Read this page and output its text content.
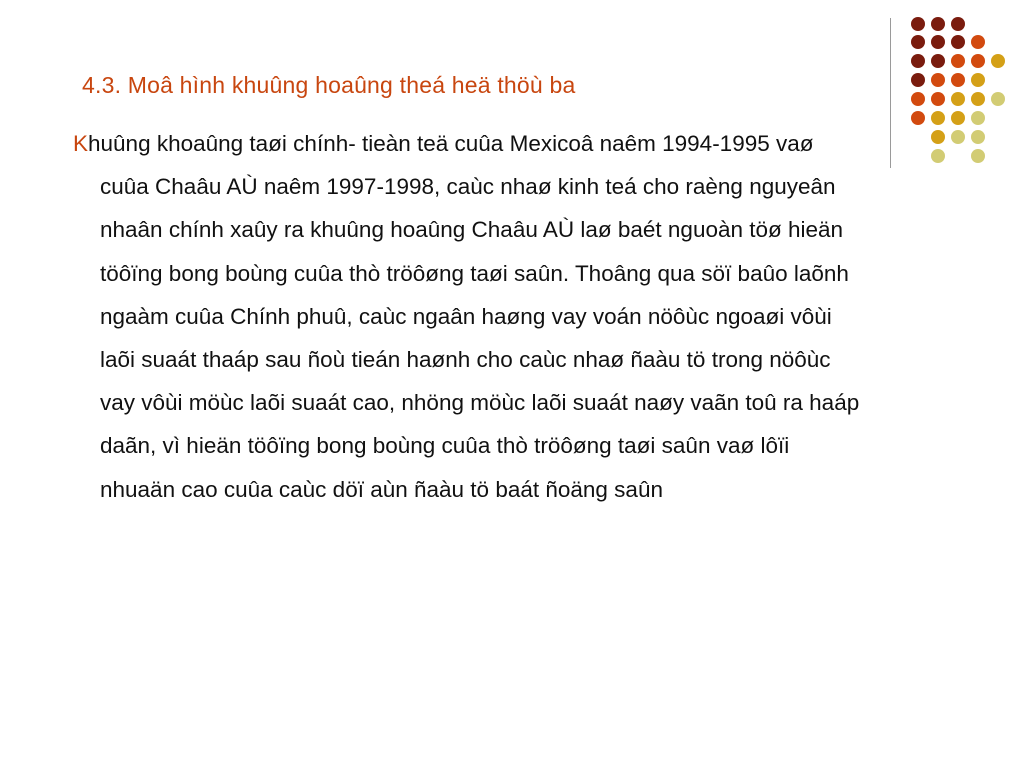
4.3. Moâ hình khuûng hoaûng theá heä thöù ba
Khuûng khoaûng taøi chính- tieàn teä cuûa Mexicoâ naêm 1994-1995 vaø
cuûa Chaâu AÙ naêm 1997-1998, caùc nhaø kinh teá cho raèng nguyeân
nhaân chính xaûy ra khuûng hoaûng Chaâu AÙ laø baét nguoàn töø hieän
töôïng bong boùng cuûa thò tröôøng taøi saûn. Thoâng qua söï baûo laõnh
ngaàm cuûa Chính phuû, caùc ngaân haøng vay voán nöôùc ngoaøi vôùi
laõi suaát thaáp sau ñoù tieán haønh cho caùc nhaø ñaàu tö trong nöôùc
vay vôùi möùc laõi suaát cao, nhöng möùc laõi suaát naøy vaãn toû ra haáp
daãn, vì hieän töôïng bong boùng cuûa thò tröôøng taøi saûn vaø lôïi
nhuaän cao cuûa caùc döï aùn ñaàu tö baát ñoäng saûn
